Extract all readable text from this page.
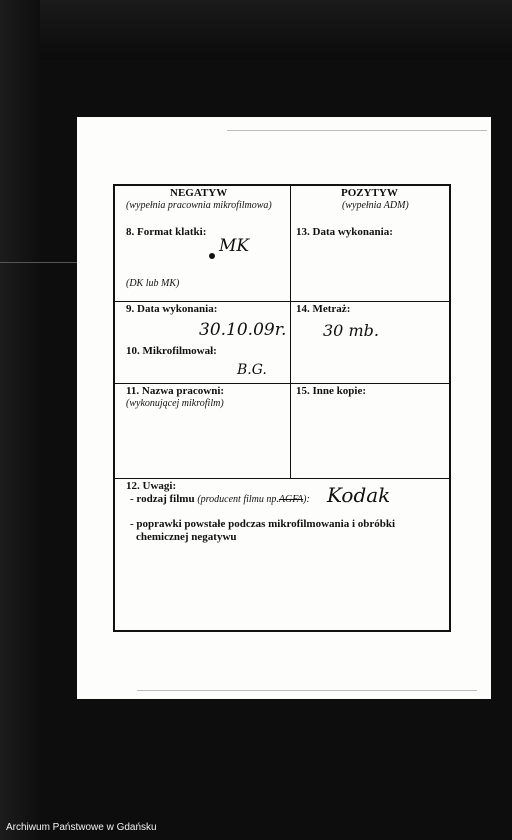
NEGATYW
(wypełnia pracownia mikrofilmowa)
POZYTYW
(wypełnia ADM)
8. Format klatki:
MK
(DK lub MK)
13. Data wykonania:
9. Data wykonania:
30.10.09r.
14. Metraż:
30 mb.
10. Mikrofilmował:
B.G.
11. Nazwa pracowni:
(wykonującej mikrofilm)
15. Inne kopie:
12. Uwagi:
- rodzaj filmu (producent filmu np.AGFA): Kodak
- poprawki powstałe podczas mikrofilmowania i obróbki
chemicznej negatywu
Archiwum Państwowe w Gdańsku
